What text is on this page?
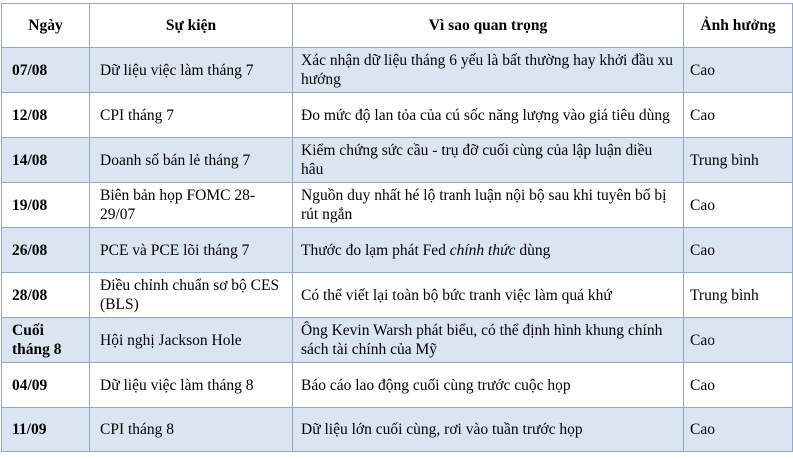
Ngày	Sự kiện	Vì sao quan trọng	Ảnh hưởng
07/08	Dữ liệu việc làm tháng 7	Xác nhận dữ liệu tháng 6 yếu là bất thường hay khởi đầu xu hướng	Cao
12/08	CPI tháng 7	Đo mức độ lan tỏa của cú sốc năng lượng vào giá tiêu dùng	Cao
14/08	Doanh số bán lẻ tháng 7	Kiểm chứng sức cầu - trụ đỡ cuối cùng của lập luận diều hâu	Trung bình
19/08	Biên bản họp FOMC 28-29/07	Nguồn duy nhất hé lộ tranh luận nội bộ sau khi tuyên bố bị rút ngắn	Cao
26/08	PCE và PCE lõi tháng 7	Thước đo lạm phát Fed chính thức dùng	Cao
28/08	Điều chỉnh chuẩn sơ bộ CES (BLS)	Có thể viết lại toàn bộ bức tranh việc làm quá khứ	Trung bình
Cuối tháng 8	Hội nghị Jackson Hole	Ông Kevin Warsh phát biểu, có thể định hình khung chính sách tài chính của Mỹ	Cao
04/09	Dữ liệu việc làm tháng 8	Báo cáo lao động cuối cùng trước cuộc họp	Cao
11/09	CPI tháng 8	Dữ liệu lớn cuối cùng, rơi vào tuần trước họp	Cao
